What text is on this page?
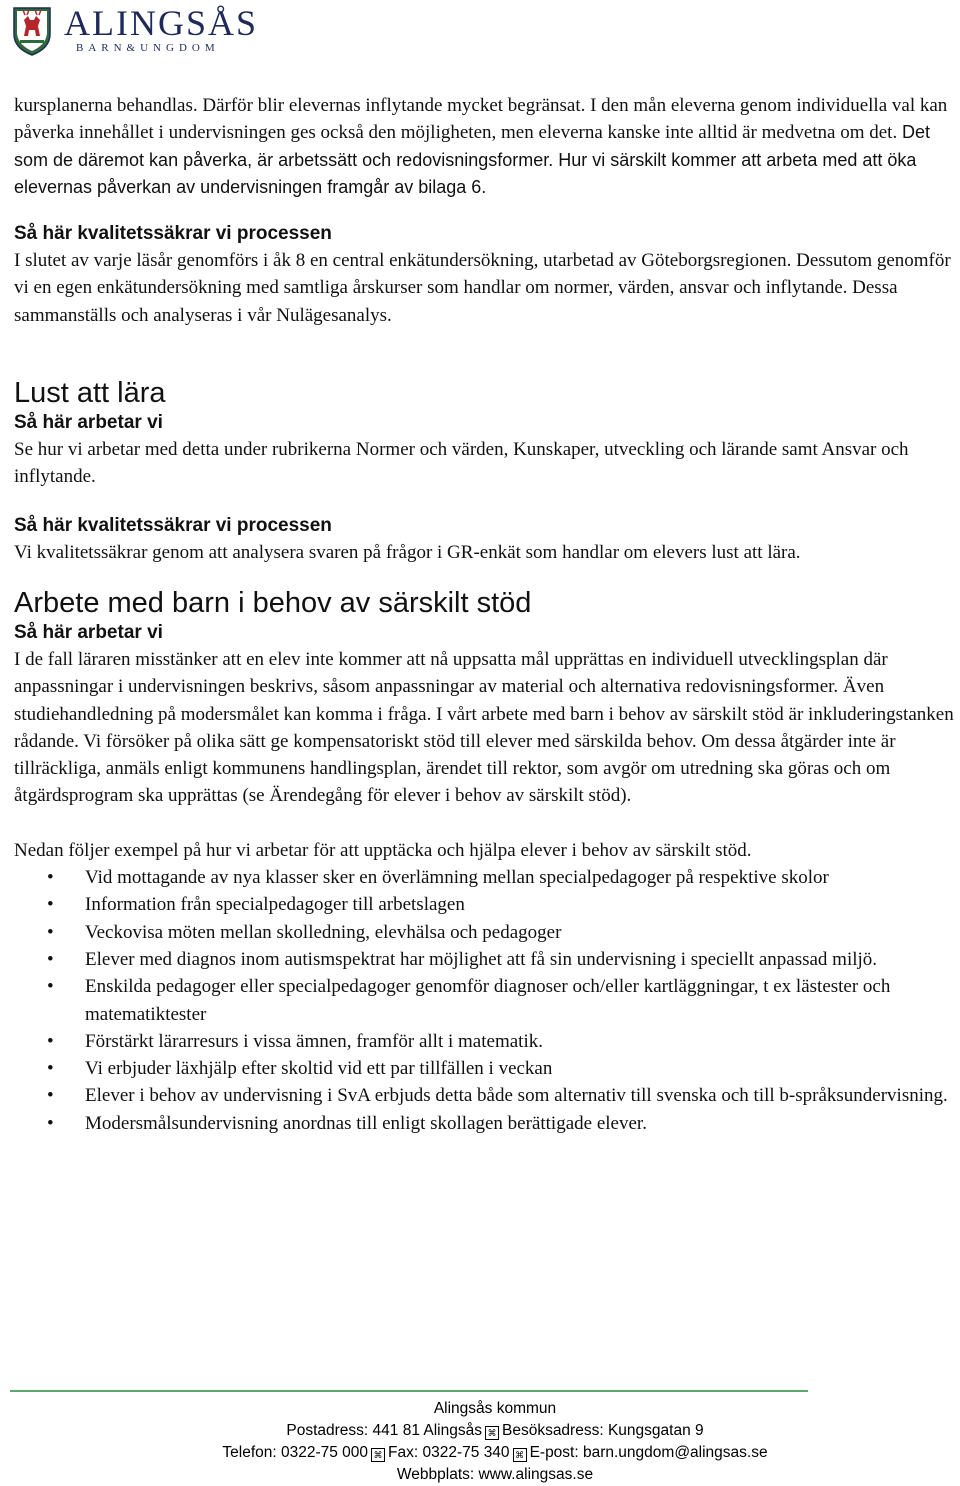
ALINGSÅS
BARN&UNGDOM

kursplanerna behandlas. Därför blir elevernas inflytande mycket begränsat. I den mån eleverna genom individuella val kan påverka innehållet i undervisningen ges också den möjligheten, men eleverna kanske inte alltid är medvetna om det. Det som de däremot kan påverka, är arbetssätt och redovisningsformer. Hur vi särskilt kommer att arbeta med att öka elevernas påverkan av undervisningen framgår av bilaga 6.

Så här kvalitetssäkrar vi processen

I slutet av varje läsår genomförs i åk 8 en central enkätundersökning, utarbetad av Göteborgsregionen. Dessutom genomför vi en egen enkätundersökning med samtliga årskurser som handlar om normer, värden, ansvar och inflytande. Dessa sammanställs och analyseras i vår Nulägesanalys.

Lust att lära
Så här arbetar vi

Se hur vi arbetar med detta under rubrikerna Normer och värden, Kunskaper, utveckling och lärande samt Ansvar och inflytande.

Så här kvalitetssäkrar vi processen

Vi kvalitetssäkrar genom att analysera svaren på frågor i GR-enkät som handlar om elevers lust att lära.

Arbete med barn i behov av särskilt stöd
Så här arbetar vi

I de fall läraren misstänker att en elev inte kommer att nå uppsatta mål upprättas en individuell utvecklingsplan där anpassningar i undervisningen beskrivs, såsom anpassningar av material och alternativa redovisningsformer. Även studiehandledning på modersmålet kan komma i fråga. I vårt arbete med barn i behov av särskilt stöd är inkluderingstanken rådande. Vi försöker på olika sätt ge kompensatoriskt stöd till elever med särskilda behov. Om dessa åtgärder inte är tillräckliga, anmäls enligt kommunens handlingsplan, ärendet till rektor, som avgör om utredning ska göras och om åtgärdsprogram ska upprättas (se Ärendegång för elever i behov av särskilt stöd).

Nedan följer exempel på hur vi arbetar för att upptäcka och hjälpa elever i behov av särskilt stöd.

• Vid mottagande av nya klasser sker en överlämning mellan specialpedagoger på respektive skolor
• Information från specialpedagoger till arbetslagen
• Veckovisa möten mellan skolledning, elevhälsa och pedagoger
• Elever med diagnos inom autismspektrat har möjlighet att få sin undervisning i speciellt anpassad miljö.
• Enskilda pedagoger eller specialpedagoger genomför diagnoser och/eller kartläggningar, t ex lästester och matematiktester
• Förstärkt lärarresurs i vissa ämnen, framför allt i matematik.
• Vi erbjuder läxhjälp efter skoltid vid ett par tillfällen i veckan
• Elever i behov av undervisning i SvA erbjuds detta både som alternativ till svenska och till b-språksundervisning.
• Modersmålsundervisning anordnas till enligt skollagen berättigade elever.
Alingsås kommun
Postadress: 441 81 Alingsås ⌘ Besöksadress: Kungsgatan 9
Telefon: 0322-75 000 ⌘ Fax: 0322-75 340 ⌘ E-post: barn.ungdom@alingsas.se
Webbplats: www.alingsas.se
